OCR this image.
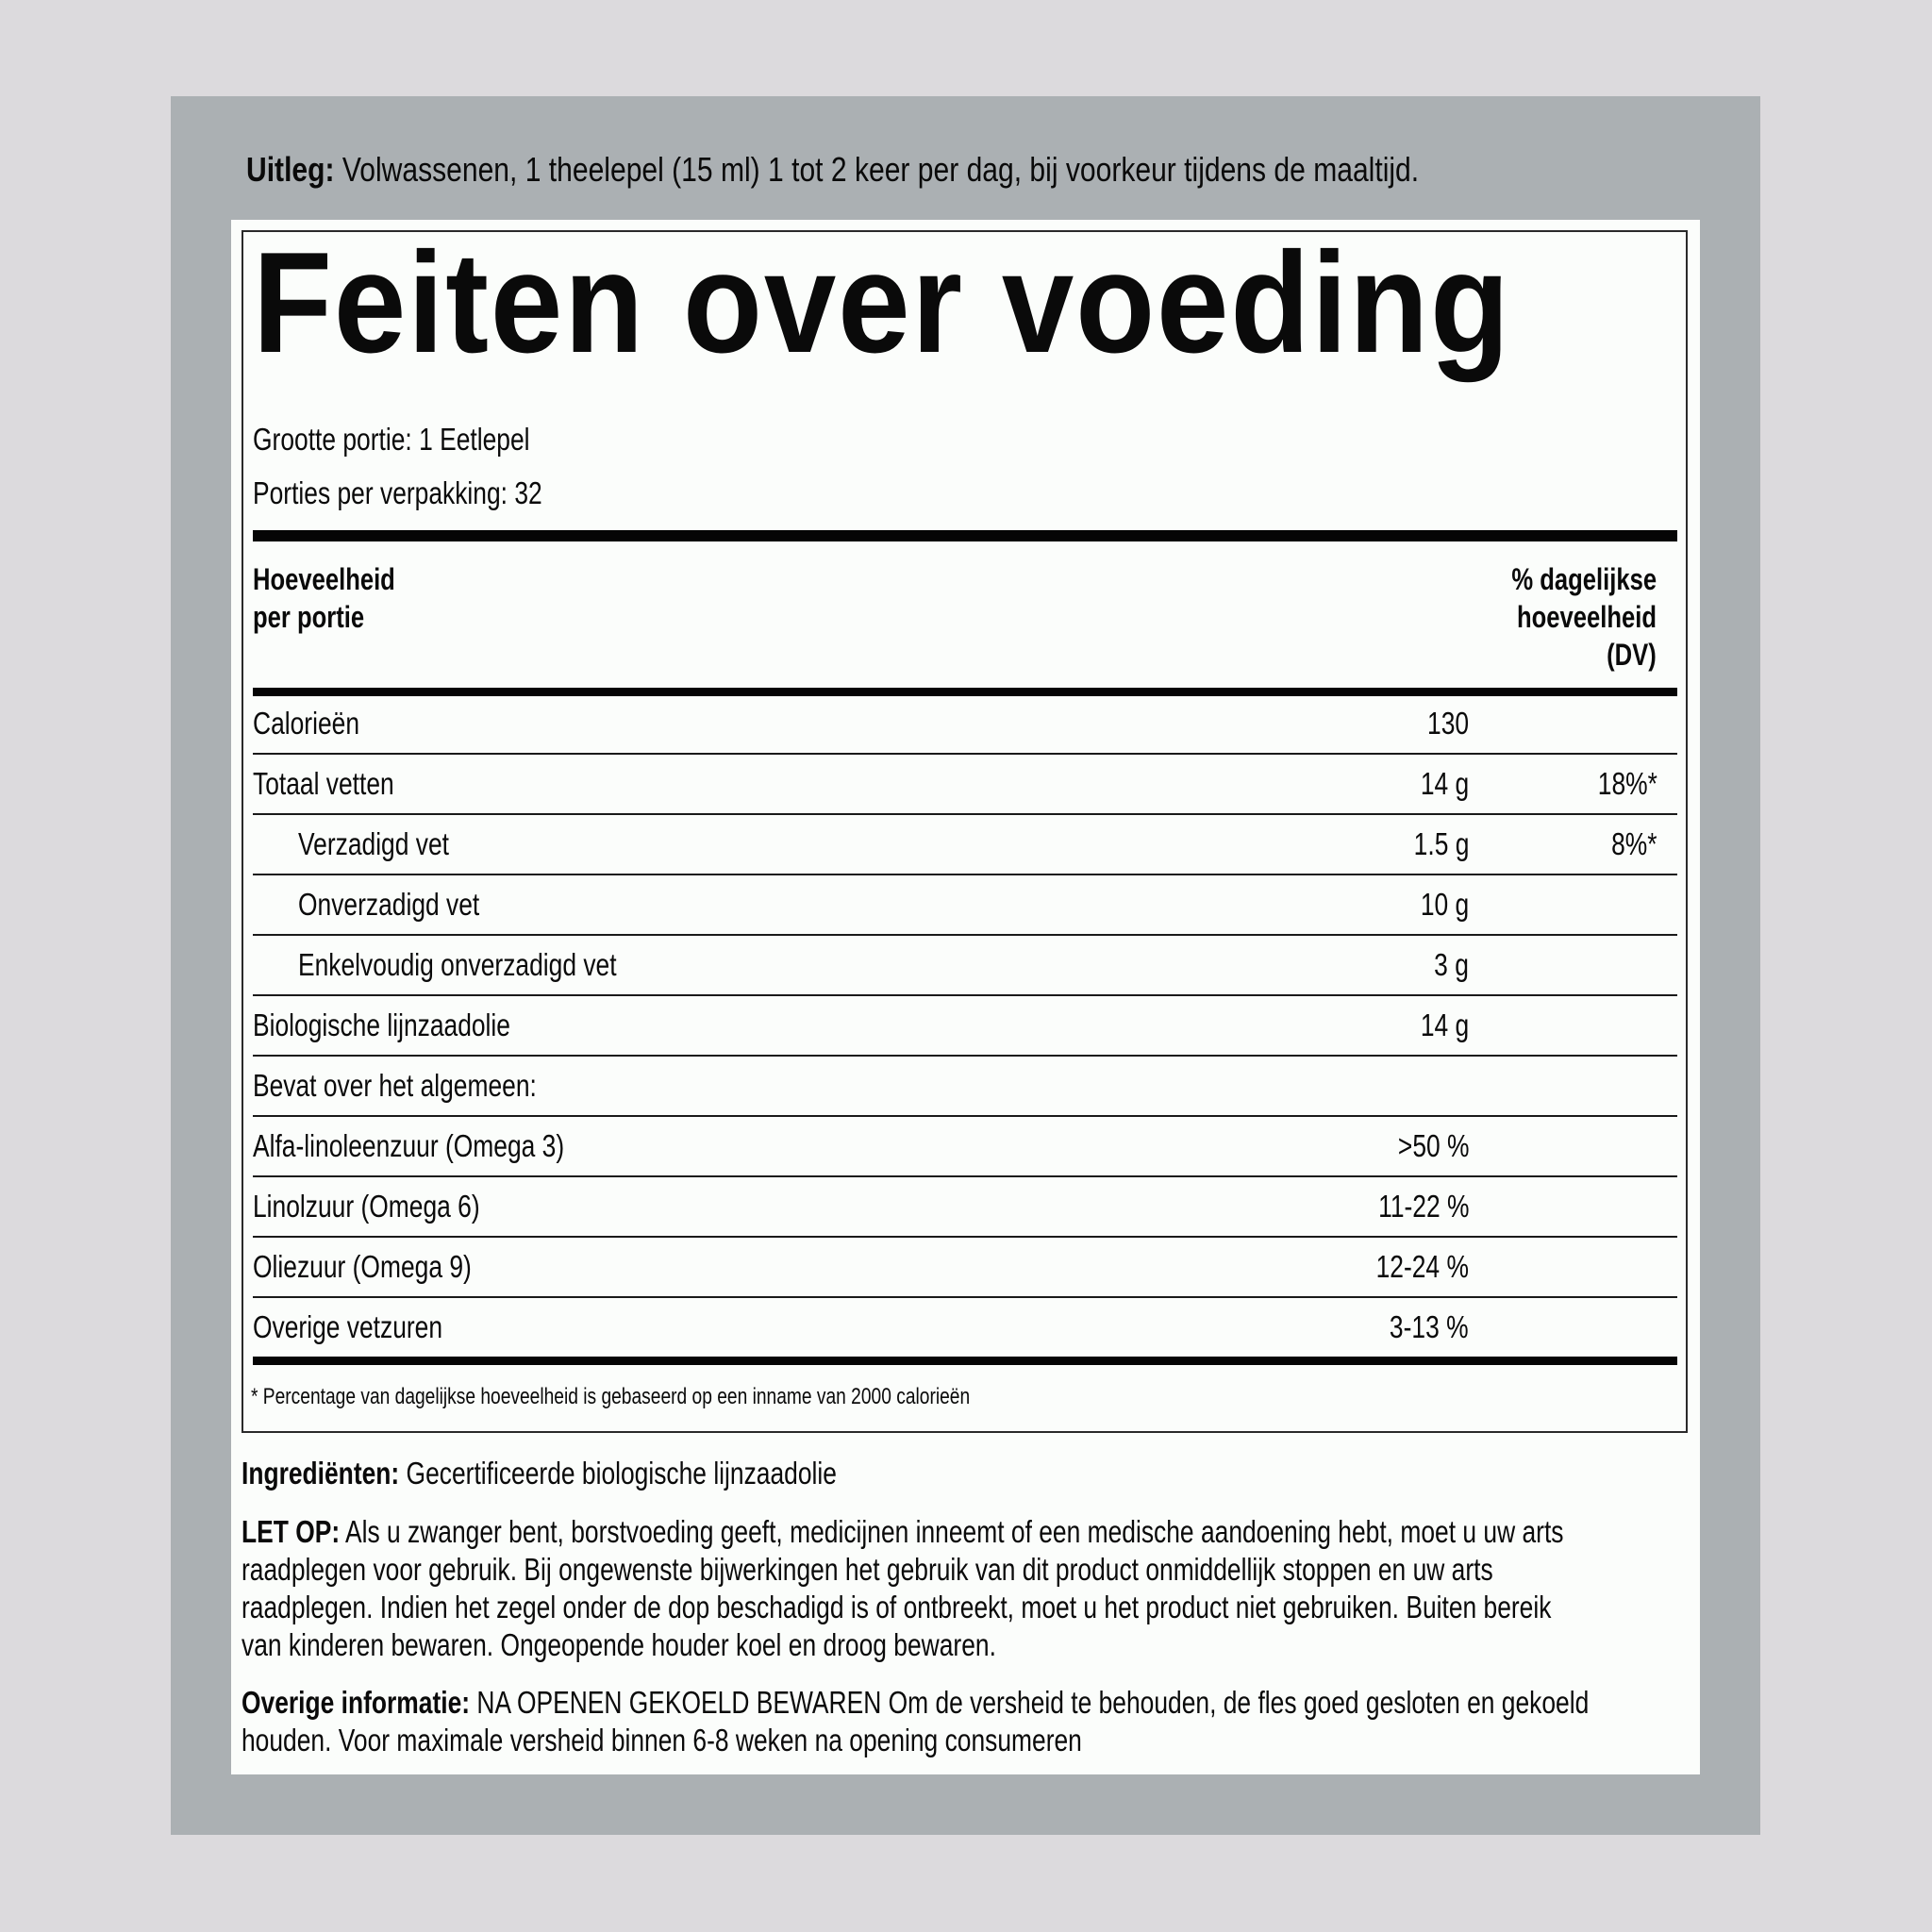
Uitleg: Volwassenen, 1 theelepel (15 ml) 1 tot 2 keer per dag, bij voorkeur tijdens de maaltijd.
Feiten over voeding
Grootte portie: 1 Eetlepel
Porties per verpakking: 32
Hoeveelheid
per portie
% dagelijkse
hoeveelheid
(DV)
Calorieën	130
Totaal vetten	14 g	18%*
Verzadigd vet	1.5 g	8%*
Onverzadigd vet	10 g
Enkelvoudig onverzadigd vet	3 g
Biologische lijnzaadolie	14 g
Bevat over het algemeen:
Alfa-linoleenzuur (Omega 3)	>50 %
Linolzuur (Omega 6)	11-22 %
Oliezuur (Omega 9)	12-24 %
Overige vetzuren	3-13 %
* Percentage van dagelijkse hoeveelheid is gebaseerd op een inname van 2000 calorieën
Ingrediënten: Gecertificeerde biologische lijnzaadolie
LET OP: Als u zwanger bent, borstvoeding geeft, medicijnen inneemt of een medische aandoening hebt, moet u uw arts
raadplegen voor gebruik. Bij ongewenste bijwerkingen het gebruik van dit product onmiddellijk stoppen en uw arts
raadplegen. Indien het zegel onder de dop beschadigd is of ontbreekt, moet u het product niet gebruiken. Buiten bereik
van kinderen bewaren. Ongeopende houder koel en droog bewaren.
Overige informatie: NA OPENEN GEKOELD BEWAREN Om de versheid te behouden, de fles goed gesloten en gekoeld
houden. Voor maximale versheid binnen 6-8 weken na opening consumeren
